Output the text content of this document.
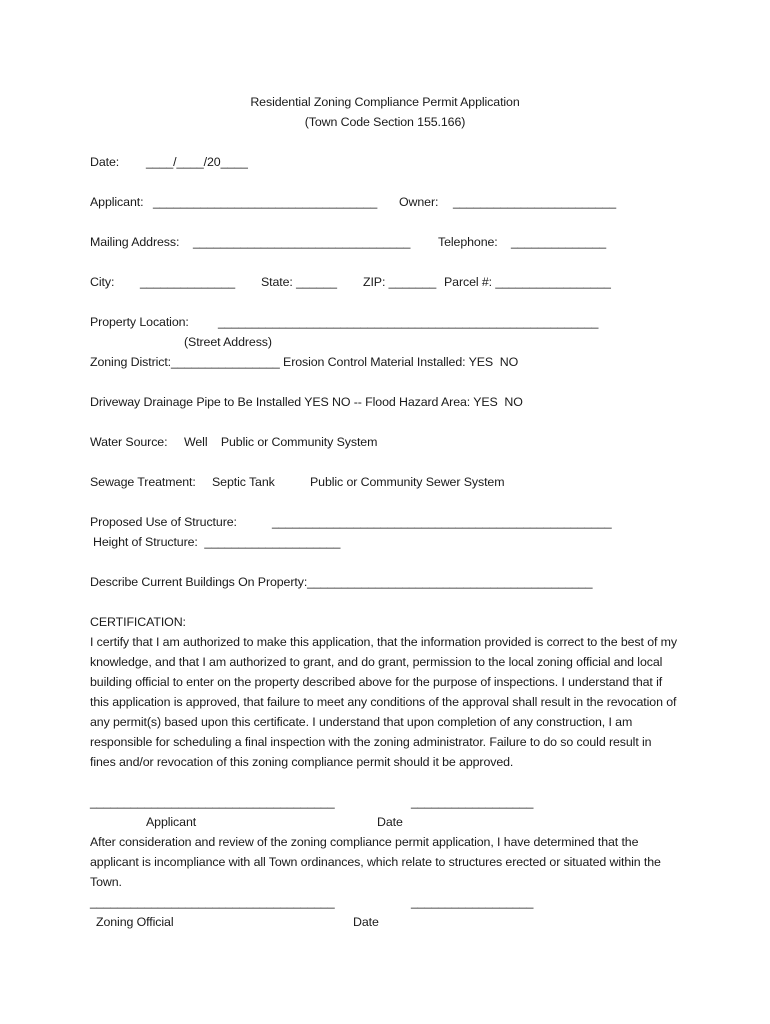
Residential Zoning Compliance Permit Application
(Town Code Section 155.166)
Date: ____/____/20____
Applicant: _________________________________ Owner: ________________________
Mailing Address: ________________________________ Telephone: ______________
City: ______________ State: ______ ZIP: _______ Parcel #: _________________
Property Location: ________________________________________________________
(Street Address)
Zoning District:________________ Erosion Control Material Installed: YES  NO
Driveway Drainage Pipe to Be Installed YES NO -- Flood Hazard Area: YES  NO
Water Source: Well    Public or Community System
Sewage Treatment: Septic Tank	Public or Community Sewer System
Proposed Use of Structure:	__________________________________________________
Height of Structure:  ____________________
Describe Current Buildings On Property:__________________________________________
CERTIFICATION:
I certify that I am authorized to make this application, that the information provided is correct to the best of my knowledge, and that I am authorized to grant, and do grant, permission to the local zoning official and local building official to enter on the property described above for the purpose of inspections. I understand that if this application is approved, that failure to meet any conditions of the approval shall result in the revocation of any permit(s) based upon this certificate. I understand that upon completion of any construction, I am responsible for scheduling a final inspection with the zoning administrator. Failure to do so could result in fines and/or revocation of this zoning compliance permit should it be approved.
____________________________________	__________________
Applicant	Date
After consideration and review of the zoning compliance permit application, I have determined that the applicant is incompliance with all Town ordinances, which relate to structures erected or situated within the Town.
____________________________________	__________________
Zoning Official	Date
